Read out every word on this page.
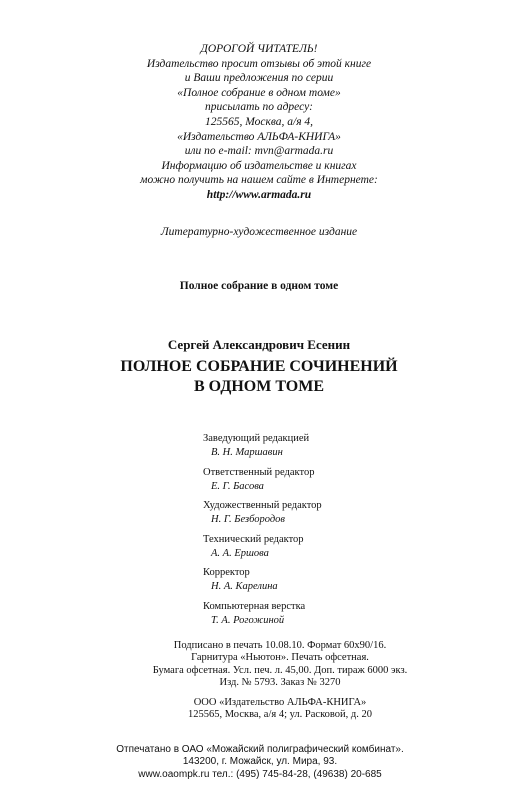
ДОРОГОЙ ЧИТАТЕЛЬ!
Издательство просит отзывы об этой книге
и Ваши предложения по серии
«Полное собрание в одном томе»
присылать по адресу:
125565, Москва, а/я 4,
«Издательство АЛЬФА-КНИГА»
или по e-mail: mvn@armada.ru
Информацию об издательстве и книгах
можно получить на нашем сайте в Интернете:
http://www.armada.ru
Литературно-художественное издание
Полное собрание в одном томе
Сергей Александрович Есенин
ПОЛНОЕ СОБРАНИЕ СОЧИНЕНИЙ
В ОДНОМ ТОМЕ
Заведующий редакцией
В. Н. Маршавин
Ответственный редактор
Е. Г. Басова
Художественный редактор
Н. Г. Безбородов
Технический редактор
А. А. Ершова
Корректор
Н. А. Карелина
Компьютерная верстка
Т. А. Рогожиной
Подписано в печать 10.08.10. Формат 60х90/16.
Гарнитура «Ньютон». Печать офсетная.
Бумага офсетная. Усл. печ. л. 45,00. Доп. тираж 6000 экз.
Изд. № 5793. Заказ № 3270
ООО «Издательство АЛЬФА-КНИГА»
125565, Москва, а/я 4; ул. Расковой, д. 20
Отпечатано в ОАО «Можайский полиграфический комбинат».
143200, г. Можайск, ул. Мира, 93.
www.oaompk.ru тел.: (495) 745-84-28, (49638) 20-685
